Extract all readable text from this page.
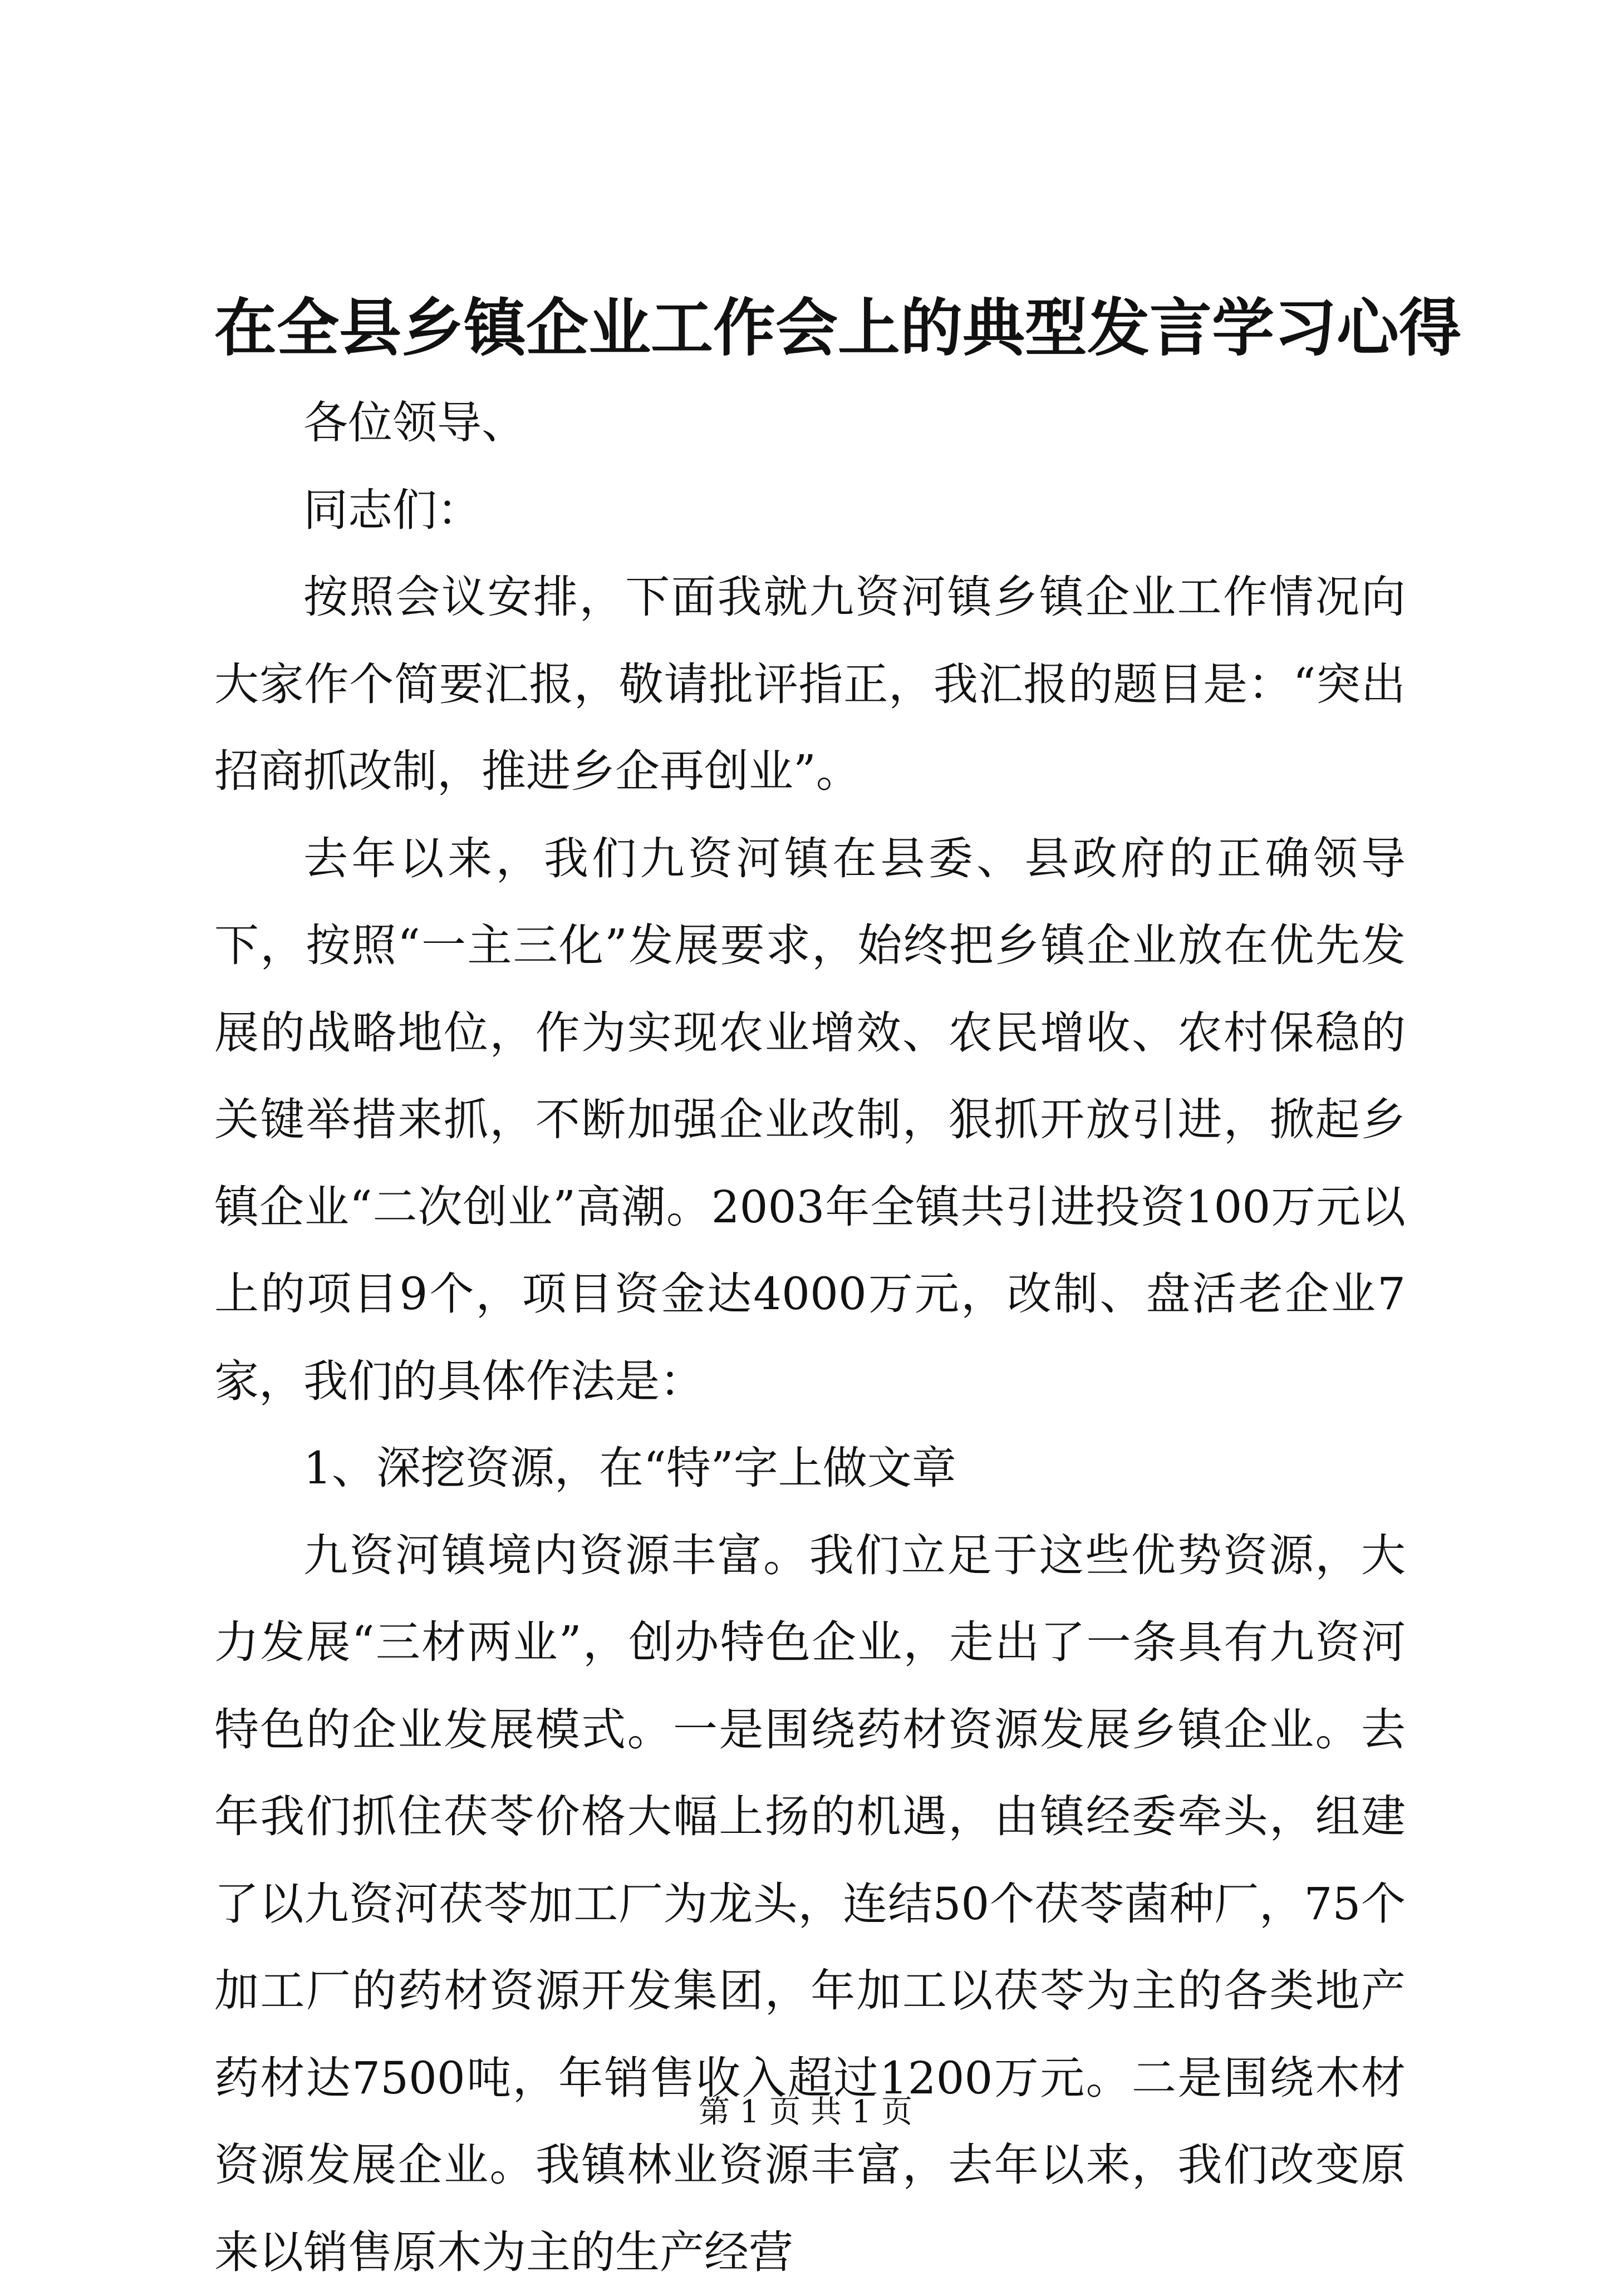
在全县乡镇企业工作会上的典型发言学习心得

各位领导、

同志们：

按照会议安排，下面我就九资河镇乡镇企业工作情况向大家作个简要汇报，敬请批评指正，我汇报的题目是：“突出招商抓改制，推进乡企再创业”。

去年以来，我们九资河镇在县委、县政府的正确领导下，按照“一主三化”发展要求，始终把乡镇企业放在优先发展的战略地位，作为实现农业增效、农民增收、农村保稳的关键举措来抓，不断加强企业改制，狠抓开放引进，掀起乡镇企业“二次创业”高潮。2003年全镇共引进投资100万元以上的项目9个，项目资金达4000万元，改制、盘活老企业7家，我们的具体作法是：

1、深挖资源，在“特”字上做文章

九资河镇境内资源丰富。我们立足于这些优势资源，大力发展“三材两业”，创办特色企业，走出了一条具有九资河特色的企业发展模式。一是围绕药材资源发展乡镇企业。去年我们抓住茯苓价格大幅上扬的机遇，由镇经委牵头，组建了以九资河茯苓加工厂为龙头，连结50个茯苓菌种厂，75个加工厂的药材资源开发集团，年加工以茯苓为主的各类地产药材达7500吨，年销售收入超过1200万元。二是围绕木材资源发展企业。我镇林业资源丰富，去年以来，我们改变原来以销售原木为主的生产经营

第 1 页 共 1 页
